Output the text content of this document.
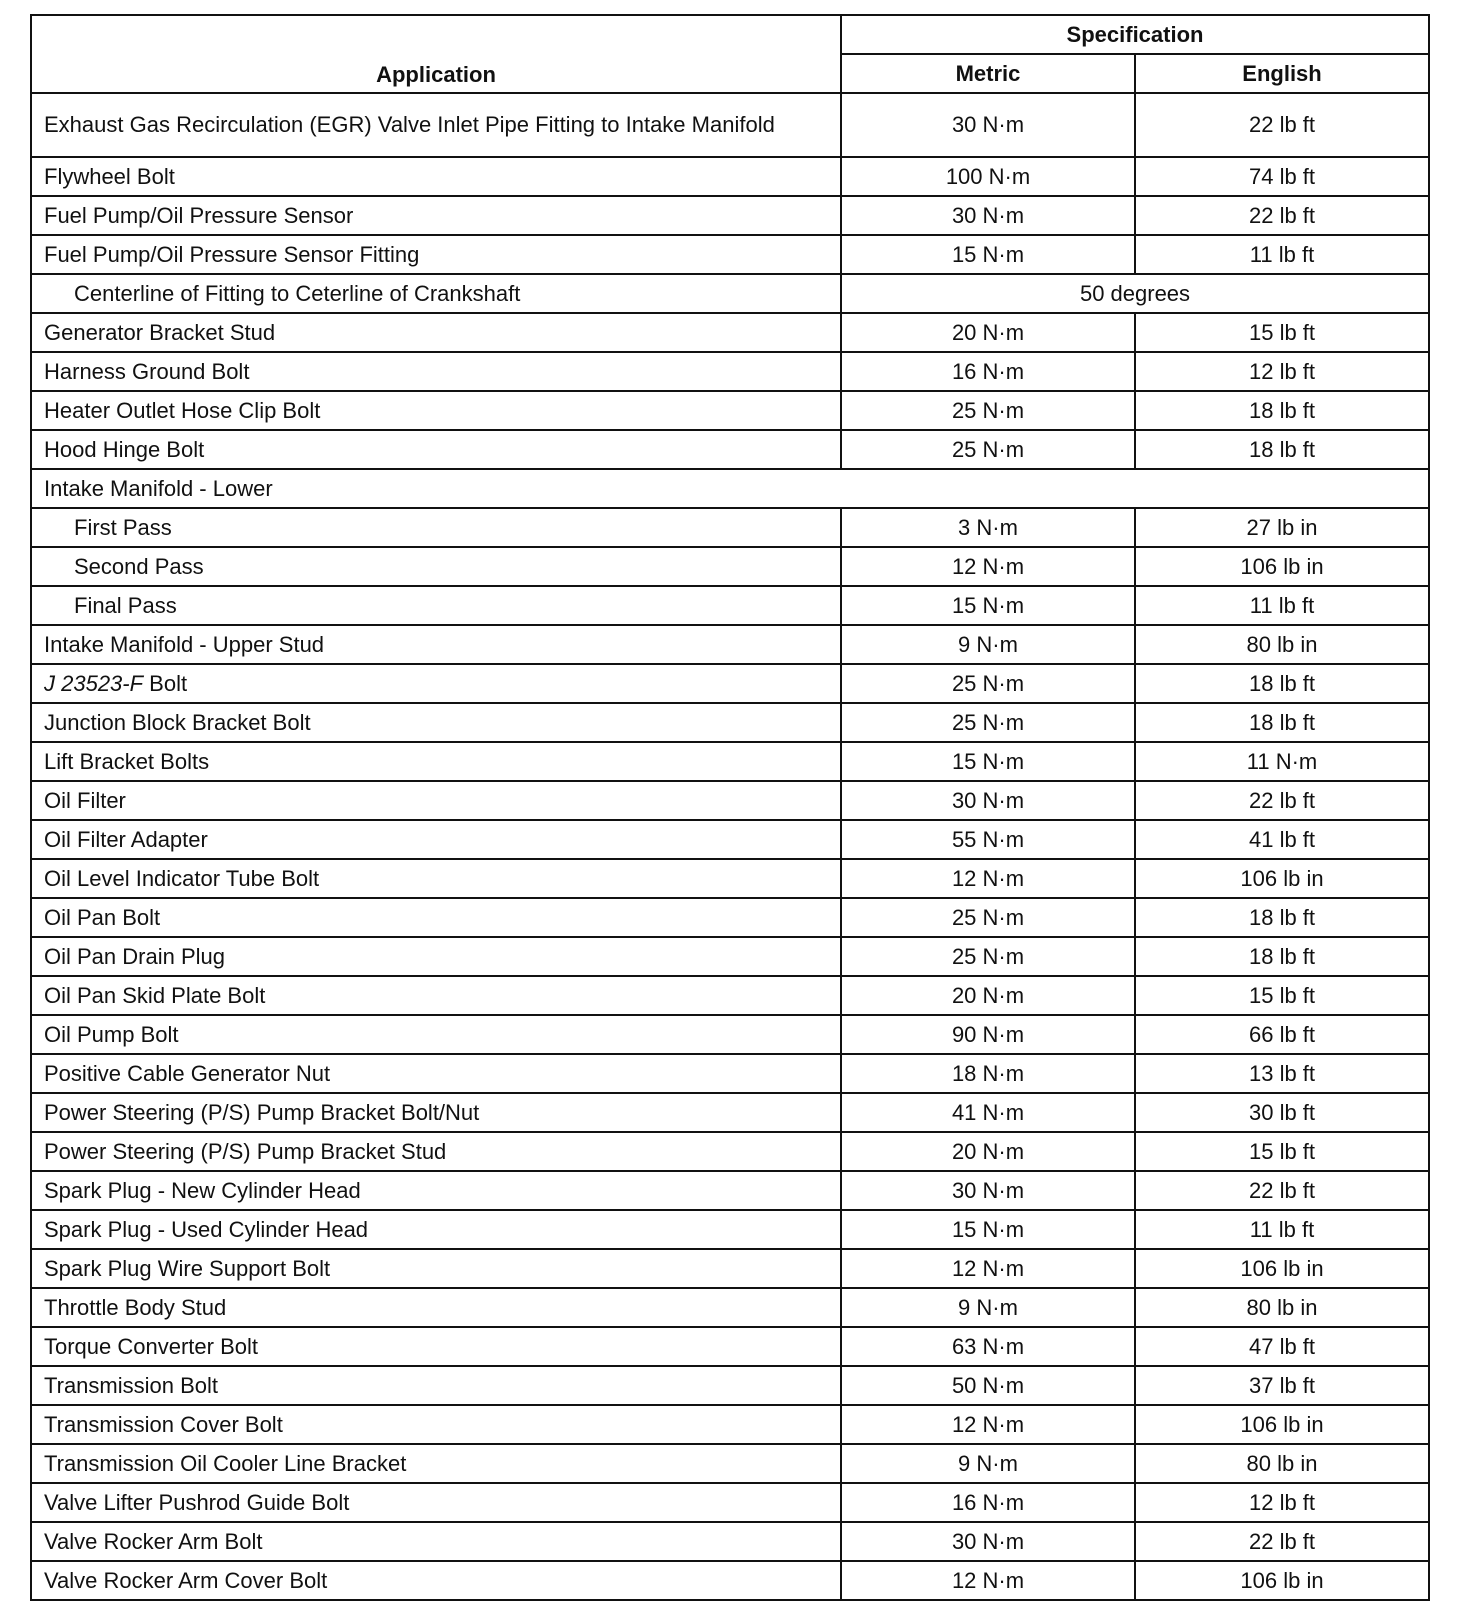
Application	Specification	
	Metric	English
Exhaust Gas Recirculation (EGR) Valve Inlet Pipe Fitting to Intake Manifold	30 N·m	22 lb ft
Flywheel Bolt	100 N·m	74 lb ft
Fuel Pump/Oil Pressure Sensor	30 N·m	22 lb ft
Fuel Pump/Oil Pressure Sensor Fitting	15 N·m	11 lb ft
Centerline of Fitting to Ceterline of Crankshaft	50 degrees	
Generator Bracket Stud	20 N·m	15 lb ft
Harness Ground Bolt	16 N·m	12 lb ft
Heater Outlet Hose Clip Bolt	25 N·m	18 lb ft
Hood Hinge Bolt	25 N·m	18 lb ft
Intake Manifold - Lower		
First Pass	3 N·m	27 lb in
Second Pass	12 N·m	106 lb in
Final Pass	15 N·m	11 lb ft
Intake Manifold - Upper Stud	9 N·m	80 lb in
J 23523-F Bolt	25 N·m	18 lb ft
Junction Block Bracket Bolt	25 N·m	18 lb ft
Lift Bracket Bolts	15 N·m	11 N·m
Oil Filter	30 N·m	22 lb ft
Oil Filter Adapter	55 N·m	41 lb ft
Oil Level Indicator Tube Bolt	12 N·m	106 lb in
Oil Pan Bolt	25 N·m	18 lb ft
Oil Pan Drain Plug	25 N·m	18 lb ft
Oil Pan Skid Plate Bolt	20 N·m	15 lb ft
Oil Pump Bolt	90 N·m	66 lb ft
Positive Cable Generator Nut	18 N·m	13 lb ft
Power Steering (P/S) Pump Bracket Bolt/Nut	41 N·m	30 lb ft
Power Steering (P/S) Pump Bracket Stud	20 N·m	15 lb ft
Spark Plug - New Cylinder Head	30 N·m	22 lb ft
Spark Plug - Used Cylinder Head	15 N·m	11 lb ft
Spark Plug Wire Support Bolt	12 N·m	106 lb in
Throttle Body Stud	9 N·m	80 lb in
Torque Converter Bolt	63 N·m	47 lb ft
Transmission Bolt	50 N·m	37 lb ft
Transmission Cover Bolt	12 N·m	106 lb in
Transmission Oil Cooler Line Bracket	9 N·m	80 lb in
Valve Lifter Pushrod Guide Bolt	16 N·m	12 lb ft
Valve Rocker Arm Bolt	30 N·m	22 lb ft
Valve Rocker Arm Cover Bolt	12 N·m	106 lb in
